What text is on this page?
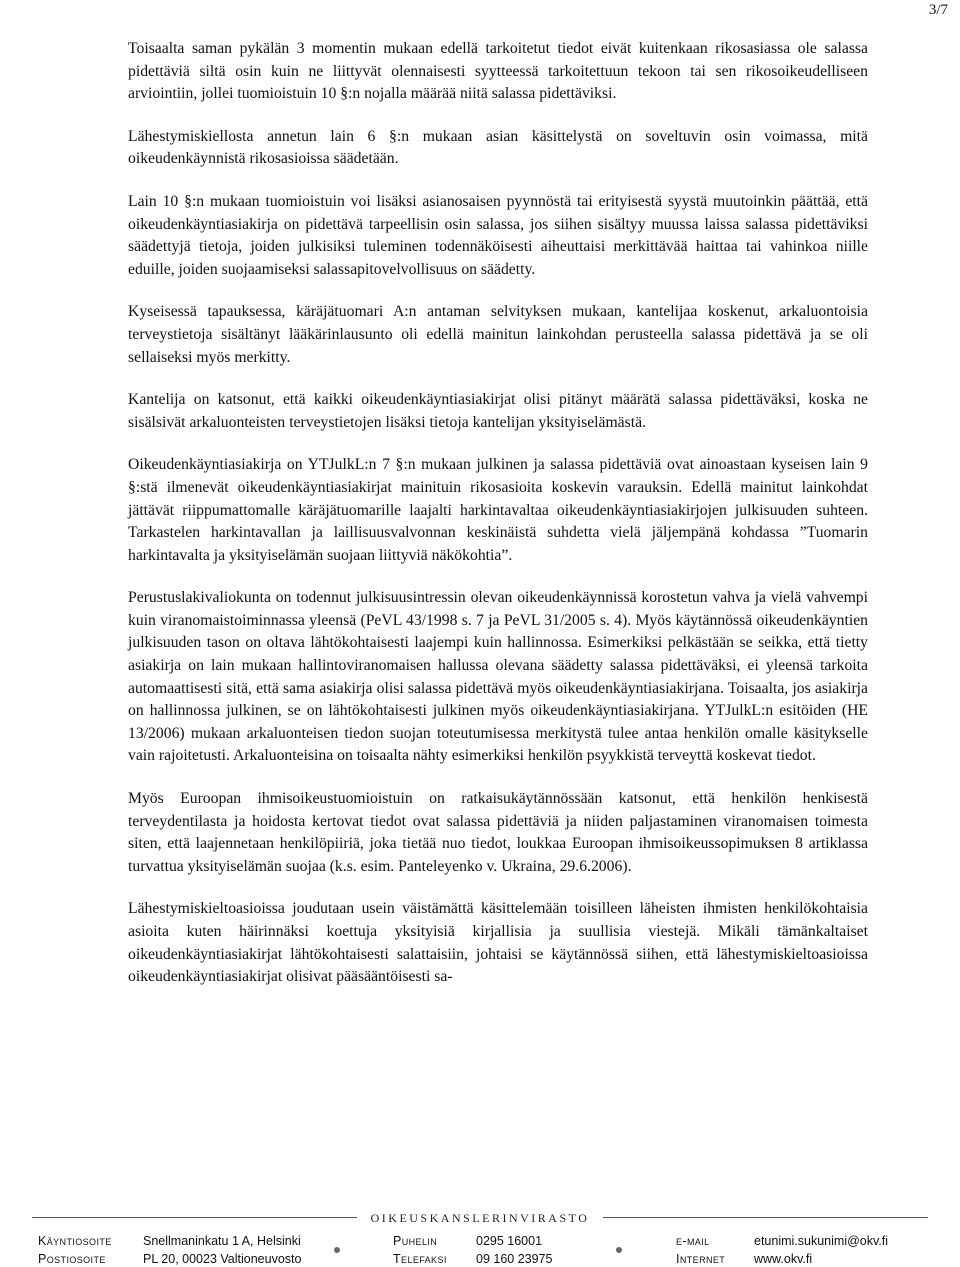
3/7

Toisaalta saman pykälän 3 momentin mukaan edellä tarkoitetut tiedot eivät kuitenkaan rikosasiassa ole salassa pidettäviä siltä osin kuin ne liittyvät olennaisesti syytteessä tarkoitettuun tekoon tai sen rikosoikeudelliseen arviointiin, jollei tuomioistuin 10 §:n nojalla määrää niitä salassa pidettäviksi.

Lähestymiskiellosta annetun lain 6 §:n mukaan asian käsittelystä on soveltuvin osin voimassa, mitä oikeudenkäynnistä rikosasioissa säädetään.

Lain 10 §:n mukaan tuomioistuin voi lisäksi asianosaisen pyynnöstä tai erityisestä syystä muutoinkin päättää, että oikeudenkäyntiasiakirja on pidettävä tarpeellisin osin salassa, jos siihen sisältyy muussa laissa salassa pidettäviksi säädettyjä tietoja, joiden julkisiksi tuleminen todennäköisesti aiheuttaisi merkittävää haittaa tai vahinkoa niille eduille, joiden suojaamiseksi salassapitovelvollisuus on säädetty.

Kyseisessä tapauksessa, käräjätuomari A:n antaman selvityksen mukaan, kantelijaa koskenut, arkaluontoisia terveystietoja sisältänyt lääkärinlausunto oli edellä mainitun lainkohdan perusteella salassa pidettävä ja se oli sellaiseksi myös merkitty.

Kantelija on katsonut, että kaikki oikeudenkäyntiasiakirjat olisi pitänyt määrätä salassa pidettäväksi, koska ne sisälsivät arkaluonteisten terveystietojen lisäksi tietoja kantelijan yksityiselämästä.

Oikeudenkäyntiasiakirja on YTJulkL:n 7 §:n mukaan julkinen ja salassa pidettäviä ovat ainoastaan kyseisen lain 9 §:stä ilmenevät oikeudenkäyntiasiakirjat mainituin rikosasioita koskevin varauksin. Edellä mainitut lainkohdat jättävät riippumattomalle käräjätuomarille laajalti harkintavaltaa oikeudenkäyntiasiakirjojen julkisuuden suhteen. Tarkastelen harkintavallan ja laillisuusvalvonnan keskinäistä suhdetta vielä jäljempänä kohdassa ”Tuomarin harkintavalta ja yksityiselämän suojaan liittyviä näkökohtia”.

Perustuslakivaliokunta on todennut julkisuusintressin olevan oikeudenkäynnissä korostetun vahva ja vielä vahvempi kuin viranomaistoiminnassa yleensä (PeVL 43/1998 s. 7 ja PeVL 31/2005 s. 4). Myös käytännössä oikeudenkäyntien julkisuuden tason on oltava lähtökohtaisesti laajempi kuin hallinnossa. Esimerkiksi pelkästään se seikka, että tietty asiakirja on lain mukaan hallintoviranomaisen hallussa olevana säädetty salassa pidettäväksi, ei yleensä tarkoita automaattisesti sitä, että sama asiakirja olisi salassa pidettävä myös oikeudenkäyntiasiakirjana. Toisaalta, jos asiakirja on hallinnossa julkinen, se on lähtökohtaisesti julkinen myös oikeudenkäyntiasiakirjana. YTJulkL:n esitöiden (HE 13/2006) mukaan arkaluonteisen tiedon suojan toteutumisessa merkitystä tulee antaa henkilön omalle käsitykselle vain rajoitetusti. Arkaluonteisina on toisaalta nähty esimerkiksi henkilön psyykkistä terveyttä koskevat tiedot.

Myös Euroopan ihmisoikeustuomioistuin on ratkaisukäytännössään katsonut, että henkilön henkisestä terveydentilasta ja hoidosta kertovat tiedot ovat salassa pidettäviä ja niiden paljastaminen viranomaisen toimesta siten, että laajennetaan henkilöpiiriä, joka tietää nuo tiedot, loukkaa Euroopan ihmisoikeussopimuksen 8 artiklassa turvattua yksityiselämän suojaa (k.s. esim. Panteleyenko v. Ukraina, 29.6.2006).

Lähestymiskieltoasioissa joudutaan usein väistämättä käsittelemään toisilleen läheisten ihmisten henkilökohtaisia asioita kuten häirinnäksi koettuja yksityisiä kirjallisia ja suullisia viestejä. Mikäli tämänkaltaiset oikeudenkäyntiasiakirjat lähtökohtaisesti salattaisiin, johtaisi se käytännössä siihen, että lähestymiskieltoasioissa oikeudenkäyntiasiakirjat olisivat pääsääntöisesti sa-

OIKEUSKANSLERINVIRASTO
Käyntiosoite	Snellmaninkatu 1 A, Helsinki	Puhelin	0295 16001	e-mail	etunimi.sukunimi@okv.fi
Postiosoite	PL 20, 00023 Valtioneuvosto	Telefaksi 09 160 23975	Internet www.okv.fi
